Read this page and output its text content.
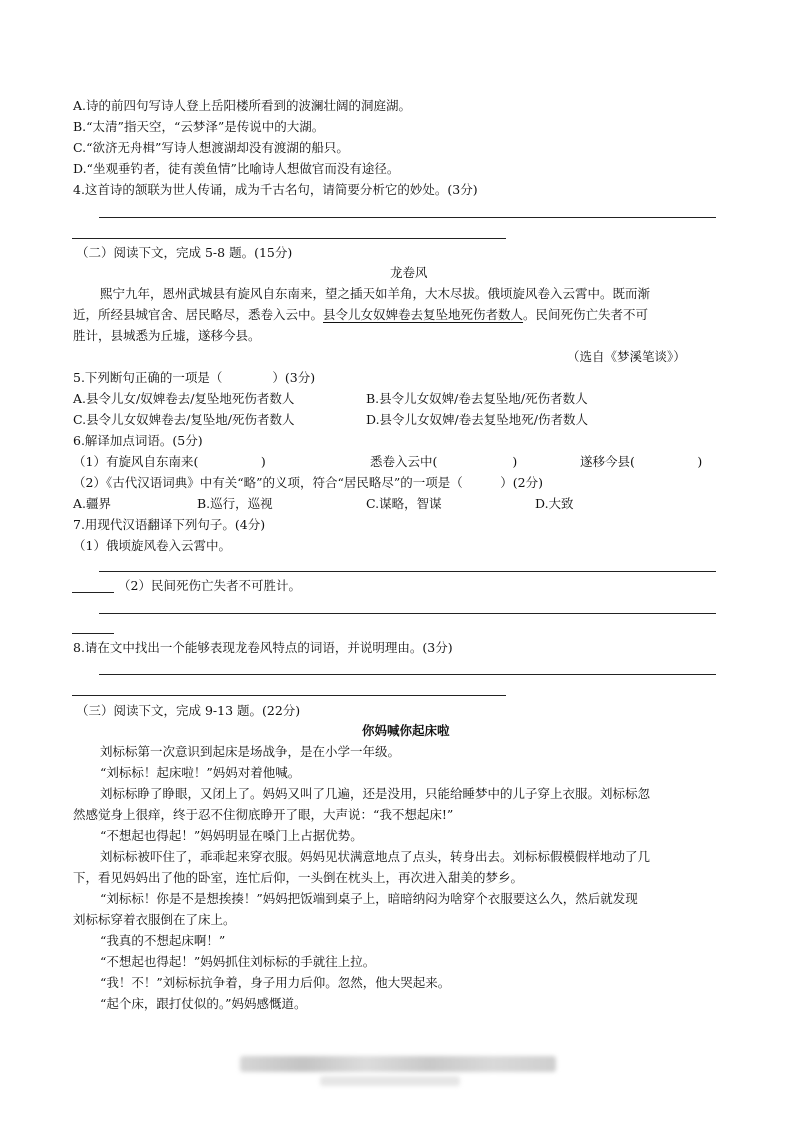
A.诗的前四句写诗人登上岳阳楼所看到的波澜壮阔的洞庭湖。
B.“太清”指天空，“云梦泽”是传说中的大湖。
C.“欲济无舟楫”写诗人想渡湖却没有渡湖的船只。
D.“坐观垂钓者，徒有羡鱼情”比喻诗人想做官而没有途径。
4.这首诗的颔联为世人传诵，成为千古名句，请简要分析它的妙处。(3分)
（二）阅读下文，完成 5-8 题。(15分)
龙卷风
熙宁九年，恩州武城县有旋风自东南来，望之插天如羊角，大木尽拔。俄顷旋风卷入云霄中。既而渐
近，所经县城官舍、居民略尽，悉卷入云中。县令儿女奴婢卷去复坠地死伤者数人。民间死伤亡失者不可
胜计，县城悉为丘墟，遂移今县。
（选自《梦溪笔谈》）
5.下列断句正确的一项是（　　　　）(3分)
A.县令儿女/奴婢卷去/复坠地死伤者数人	B.县令儿女奴婢/卷去复坠地/死伤者数人
C.县令儿女奴婢卷去/复坠地/死伤者数人	D.县令儿女奴婢/卷去复坠地死/伤者数人
6.解译加点词语。(5分)
（1）有旋风自东南来(　　　　　)	悉卷入云中(　　　　　　)	遂移今县(　　　　　)
（2）《古代汉语词典》中有关“略”的义项，符合“居民略尽”的一项是（　　　）(2分)
A.疆界	B.巡行，巡视	C.谋略，智谋	D.大致
7.用现代汉语翻译下列句子。(4分)
（1）俄顷旋风卷入云霄中。
（2）民间死伤亡失者不可胜计。
8.请在文中找出一个能够表现龙卷风特点的词语，并说明理由。(3分)
（三）阅读下文，完成 9-13 题。(22分)
你妈喊你起床啦
刘标标第一次意识到起床是场战争，是在小学一年级。
“刘标标！起床啦！”妈妈对着他喊。
刘标标睁了睁眼，又闭上了。妈妈又叫了几遍，还是没用，只能给睡梦中的儿子穿上衣服。刘标标忽
然感觉身上很痒，终于忍不住彻底睁开了眼，大声说：“我不想起床!”
“不想起也得起！”妈妈明显在嗓门上占据优势。
刘标标被吓住了，乖乖起来穿衣服。妈妈见状满意地点了点头，转身出去。刘标标假模假样地动了几
下，看见妈妈出了他的卧室，连忙后仰，一头倒在枕头上，再次进入甜美的梦乡。
“刘标标！你是不是想挨揍！”妈妈把饭端到桌子上，暗暗纳闷为啥穿个衣服要这么久，然后就发现
刘标标穿着衣服倒在了床上。
“我真的不想起床啊！”
“不想起也得起！”妈妈抓住刘标标的手就往上拉。
“我！不！”刘标标抗争着，身子用力后仰。忽然，他大哭起来。
“起个床，跟打仗似的。”妈妈感慨道。
